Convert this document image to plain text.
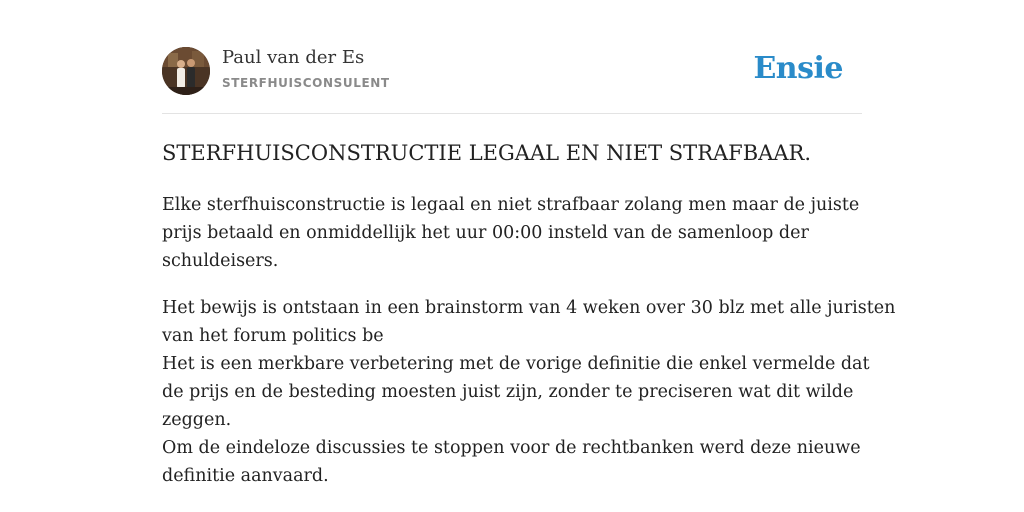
Paul van der Es
STERFHUISCONSULENT	Ensie
STERFHUISCONSTRUCTIE LEGAAL EN NIET STRAFBAAR.

Elke sterfhuisconstructie is legaal en niet strafbaar zolang men maar de juiste
prijs betaald en onmiddellijk het uur 00:00 insteld van de samenloop der
schuldeisers.

Het bewijs is ontstaan in een brainstorm van 4 weken over 30 blz met alle juristen
van het forum politics be
Het is een merkbare verbetering met de vorige definitie die enkel vermelde dat
de prijs en de besteding moesten juist zijn, zonder te preciseren wat dit wilde
zeggen.
Om de eindeloze discussies te stoppen voor de rechtbanken werd deze nieuwe
definitie aanvaard.
